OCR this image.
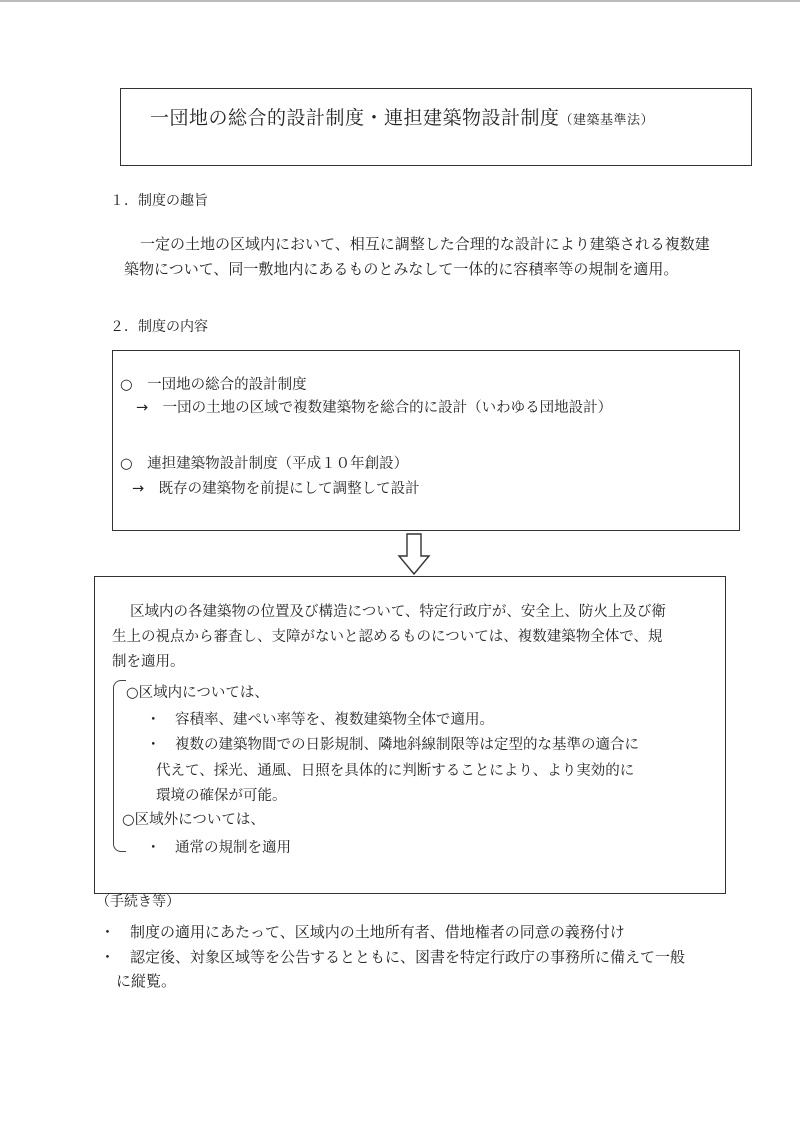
一団地の総合的設計制度・連担建築物設計制度（建築基準法）
１．制度の趣旨
一定の土地の区域内において、相互に調整した合理的な設計により建築される複数建
築物について、同一敷地内にあるものとみなして一体的に容積率等の規制を適用。
２．制度の内容
○　一団地の総合的設計制度
→　一団の土地の区域で複数建築物を総合的に設計（いわゆる団地設計）
○　連担建築物設計制度（平成１０年創設）
→　既存の建築物を前提にして調整して設計
区域内の各建築物の位置及び構造について、特定行政庁が、安全上、防火上及び衛
生上の視点から審査し、支障がないと認めるものについては、複数建築物全体で、規
制を適用。
○区域内については、
・　容積率、建ぺい率等を、複数建築物全体で適用。
・　複数の建築物間での日影規制、隣地斜線制限等は定型的な基準の適合に
代えて、採光、通風、日照を具体的に判断することにより、より実効的に
環境の確保が可能。
○区域外については、
・　通常の規制を適用
（手続き等）
・　制度の適用にあたって、区域内の土地所有者、借地権者の同意の義務付け
・　認定後、対象区域等を公告するとともに、図書を特定行政庁の事務所に備えて一般
に縦覧。
